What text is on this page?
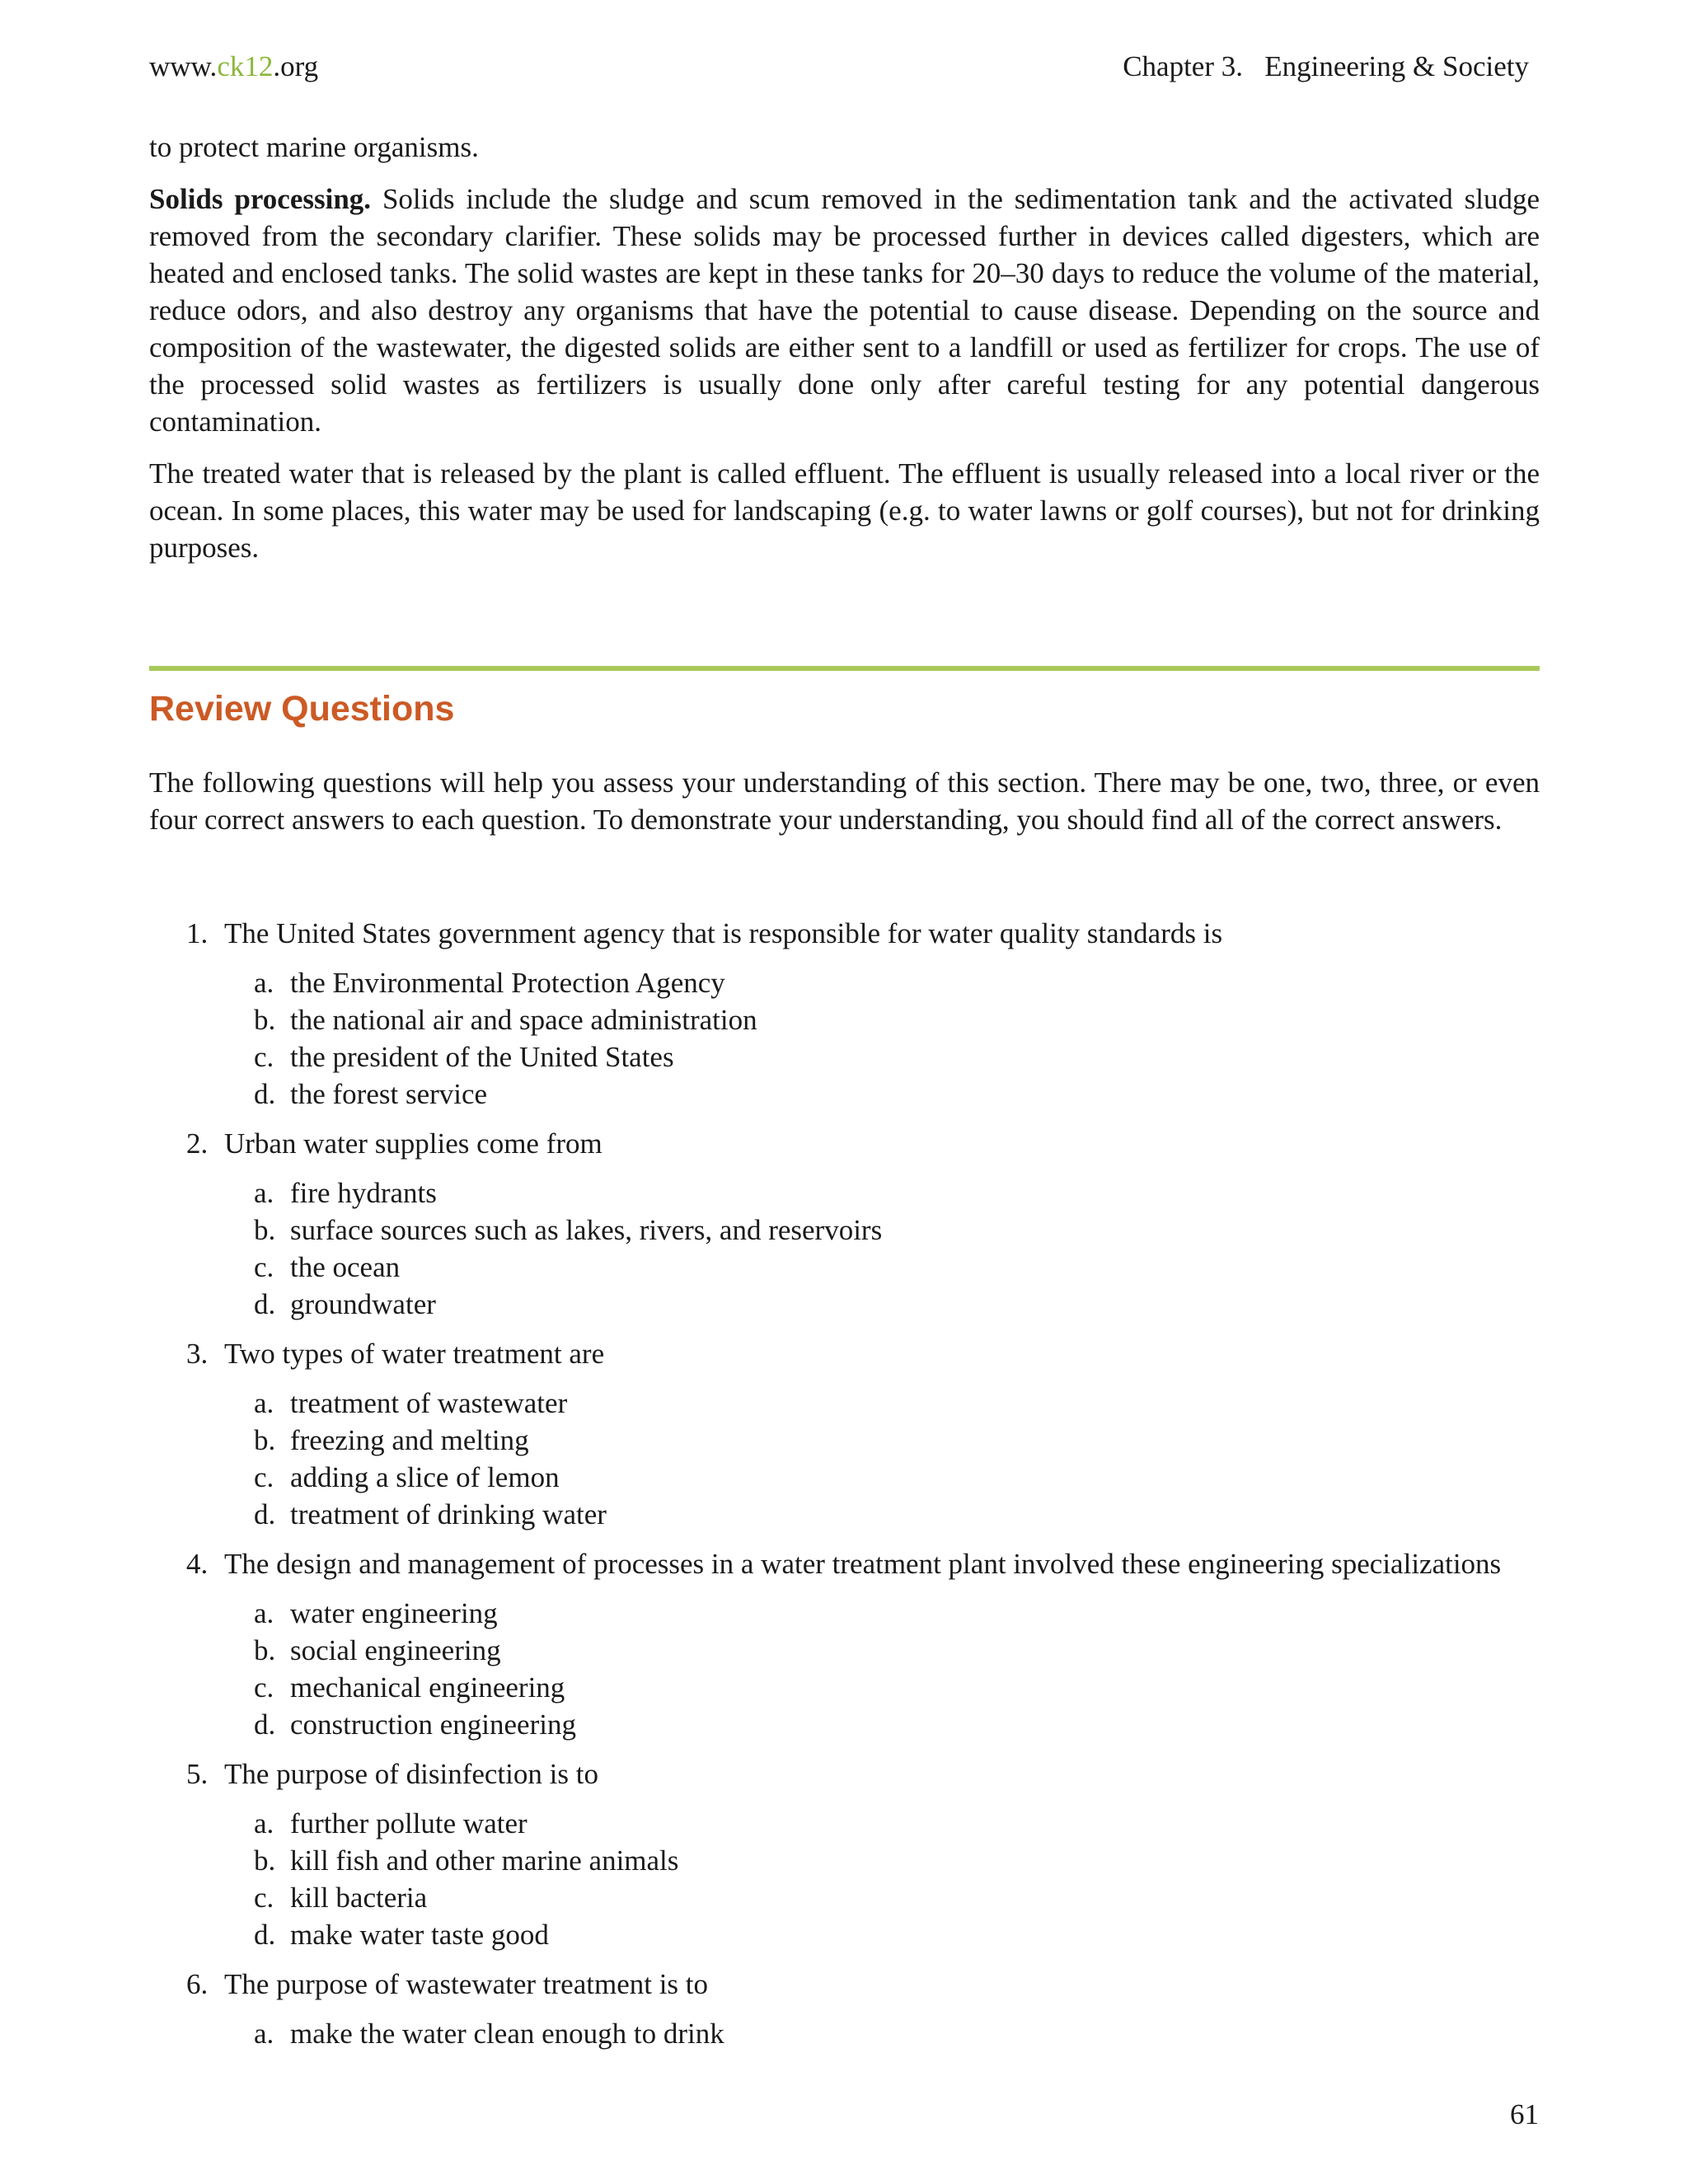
www.ck12.org	Chapter 3.   Engineering & Society

to protect marine organisms.

Solids processing. Solids include the sludge and scum removed in the sedimentation tank and the activated sludge removed from the secondary clarifier. These solids may be processed further in devices called digesters, which are heated and enclosed tanks. The solid wastes are kept in these tanks for 20–30 days to reduce the volume of the material, reduce odors, and also destroy any organisms that have the potential to cause disease. Depending on the source and composition of the wastewater, the digested solids are either sent to a landfill or used as fertilizer for crops. The use of the processed solid wastes as fertilizers is usually done only after careful testing for any potential dangerous contamination.

The treated water that is released by the plant is called effluent. The effluent is usually released into a local river or the ocean. In some places, this water may be used for landscaping (e.g. to water lawns or golf courses), but not for drinking purposes.

Review Questions

The following questions will help you assess your understanding of this section. There may be one, two, three, or even four correct answers to each question. To demonstrate your understanding, you should find all of the correct answers.

1. The United States government agency that is responsible for water quality standards is
a. the Environmental Protection Agency
b. the national air and space administration
c. the president of the United States
d. the forest service
2. Urban water supplies come from
a. fire hydrants
b. surface sources such as lakes, rivers, and reservoirs
c. the ocean
d. groundwater
3. Two types of water treatment are
a. treatment of wastewater
b. freezing and melting
c. adding a slice of lemon
d. treatment of drinking water
4. The design and management of processes in a water treatment plant involved these engineering specializations
a. water engineering
b. social engineering
c. mechanical engineering
d. construction engineering
5. The purpose of disinfection is to
a. further pollute water
b. kill fish and other marine animals
c. kill bacteria
d. make water taste good
6. The purpose of wastewater treatment is to
a. make the water clean enough to drink
61
